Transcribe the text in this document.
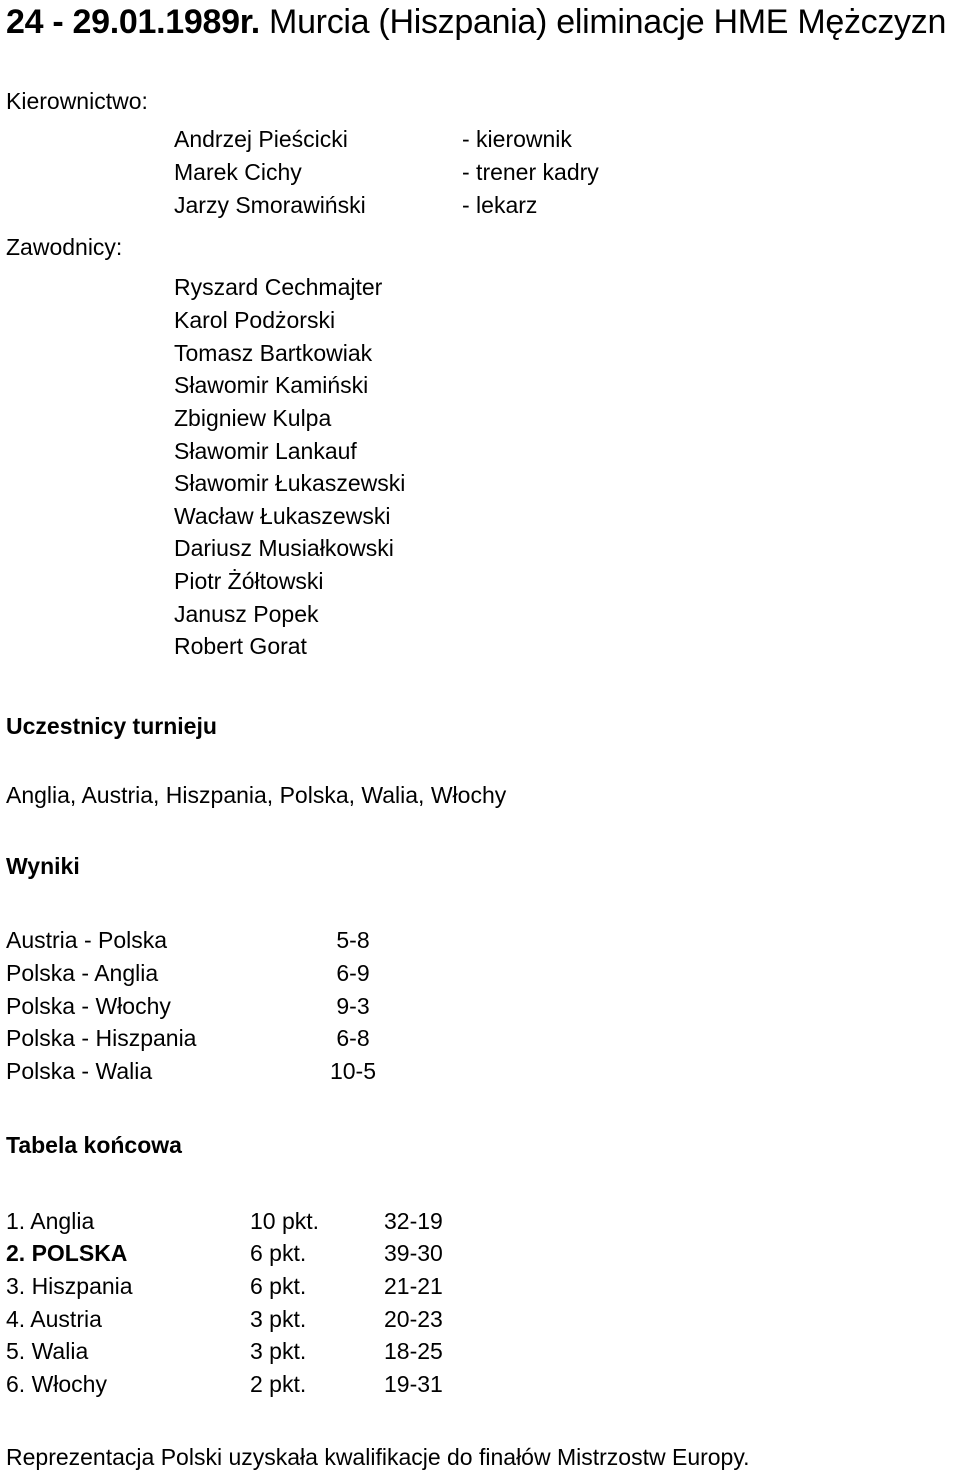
24 - 29.01.1989r. Murcia (Hiszpania) eliminacje HME Mężczyzn
Kierownictwo:
Andrzej Pieścicki	- kierownik
Marek Cichy	- trener kadry
Jarzy Smorawiński	- lekarz
Zawodnicy:
Ryszard Cechmajter
Karol Podżorski
Tomasz Bartkowiak
Sławomir Kamiński
Zbigniew Kulpa
Sławomir Lankauf
Sławomir Łukaszewski
Wacław Łukaszewski
Dariusz Musiałkowski
Piotr Żółtowski
Janusz Popek
Robert Gorat
Uczestnicy turnieju
Anglia, Austria, Hiszpania, Polska, Walia, Włochy
Wyniki
Austria - Polska	5-8
Polska - Anglia	6-9
Polska - Włochy	9-3
Polska - Hiszpania	6-8
Polska - Walia	10-5
Tabela końcowa
1. Anglia	10 pkt.	32-19
2. POLSKA	6 pkt.	39-30
3. Hiszpania	6 pkt.	21-21
4. Austria	3 pkt.	20-23
5. Walia	3 pkt.	18-25
6. Włochy	2 pkt.	19-31
Reprezentacja Polski uzyskała kwalifikacje do finałów Mistrzostw Europy.
